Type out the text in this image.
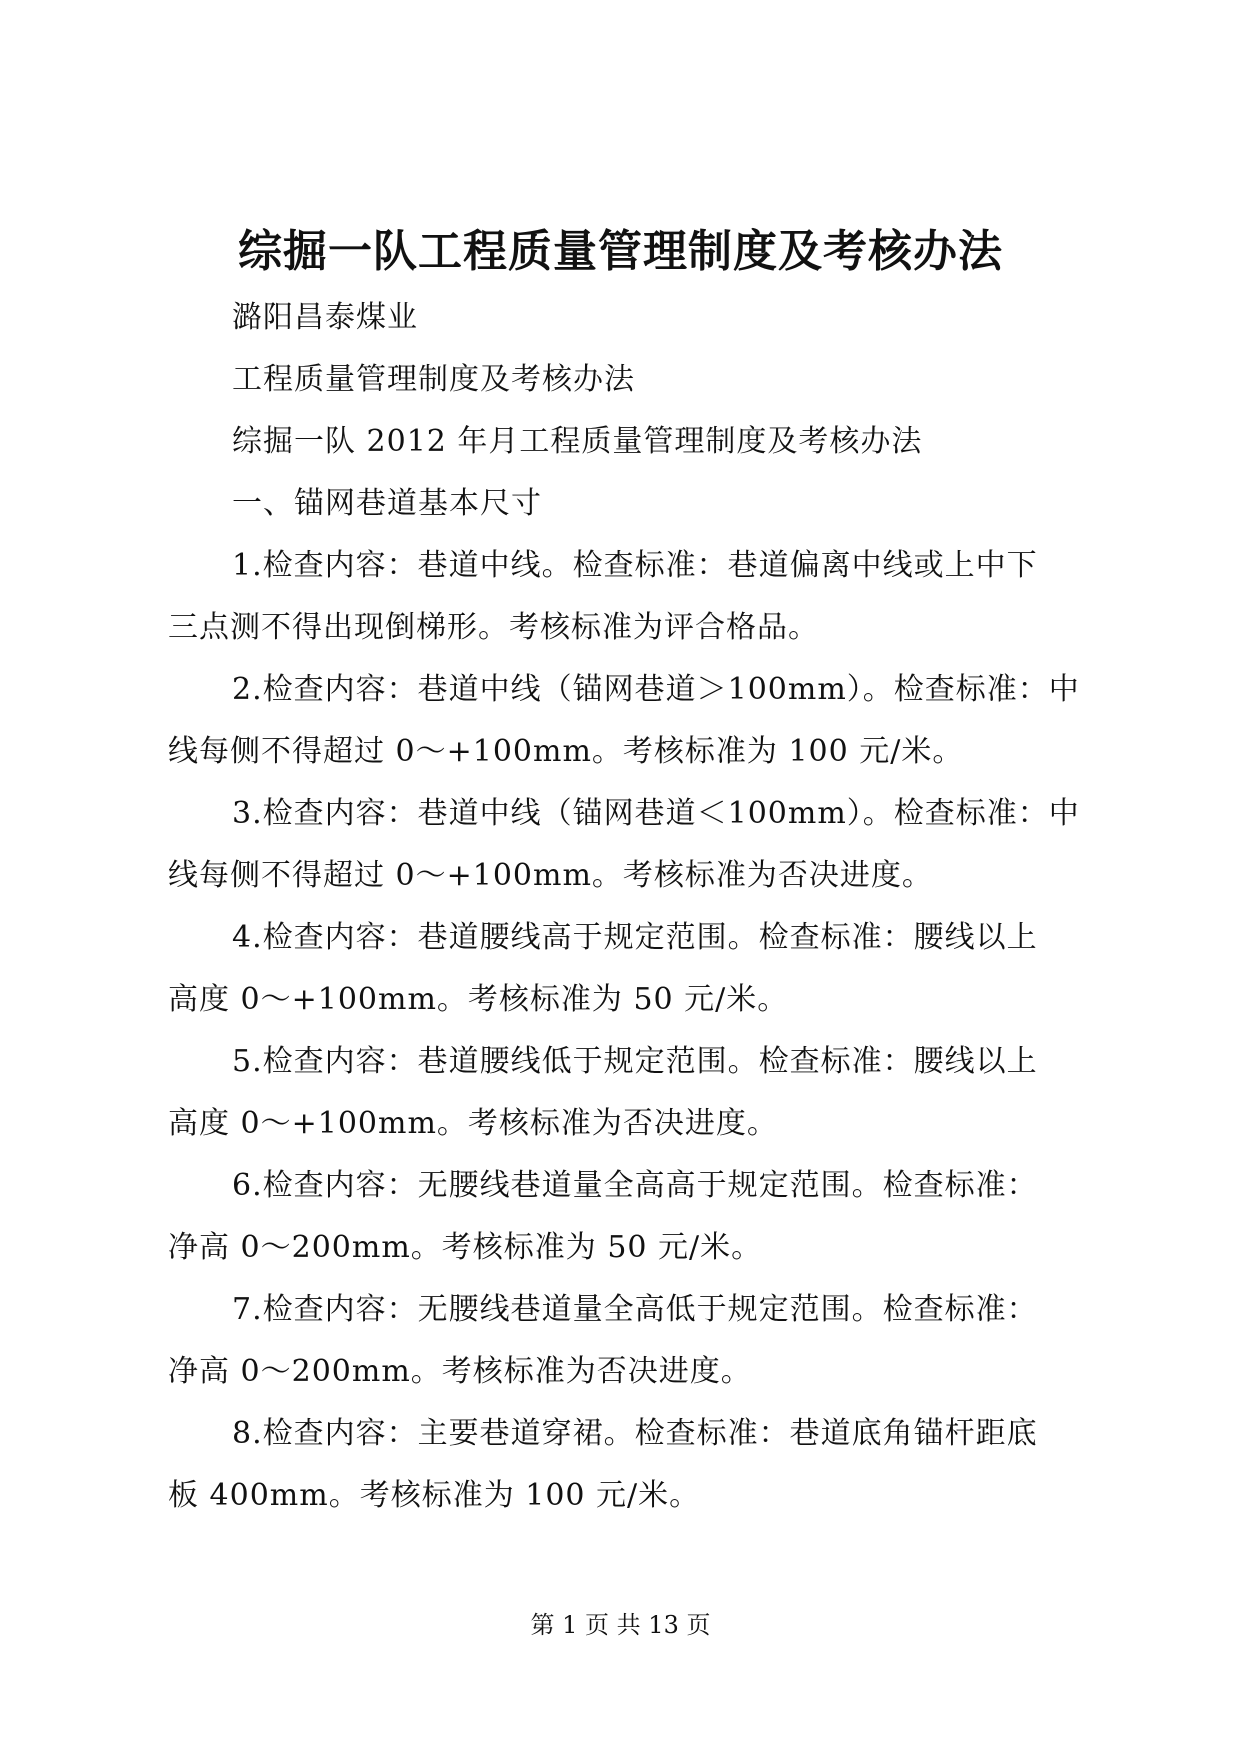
综掘一队工程质量管理制度及考核办法
潞阳昌泰煤业
工程质量管理制度及考核办法
综掘一队 2012 年月工程质量管理制度及考核办法
一、锚网巷道基本尺寸

1.检查内容：巷道中线。检查标准：巷道偏离中线或上中下
三点测不得出现倒梯形。考核标准为评合格品。

2.检查内容：巷道中线（锚网巷道＞100mm）。检查标准：中
线每侧不得超过 0～+100mm。考核标准为 100 元/米。

3.检查内容：巷道中线（锚网巷道＜100mm）。检查标准：中
线每侧不得超过 0～+100mm。考核标准为否决进度。

4.检查内容：巷道腰线高于规定范围。检查标准：腰线以上
高度 0～+100mm。考核标准为 50 元/米。

5.检查内容：巷道腰线低于规定范围。检查标准：腰线以上
高度 0～+100mm。考核标准为否决进度。

6.检查内容：无腰线巷道量全高高于规定范围。检查标准：
净高 0～200mm。考核标准为 50 元/米。

7.检查内容：无腰线巷道量全高低于规定范围。检查标准：
净高 0～200mm。考核标准为否决进度。

8.检查内容：主要巷道穿裙。检查标准：巷道底角锚杆距底
板 400mm。考核标准为 100 元/米。

第 1 页 共 13 页
